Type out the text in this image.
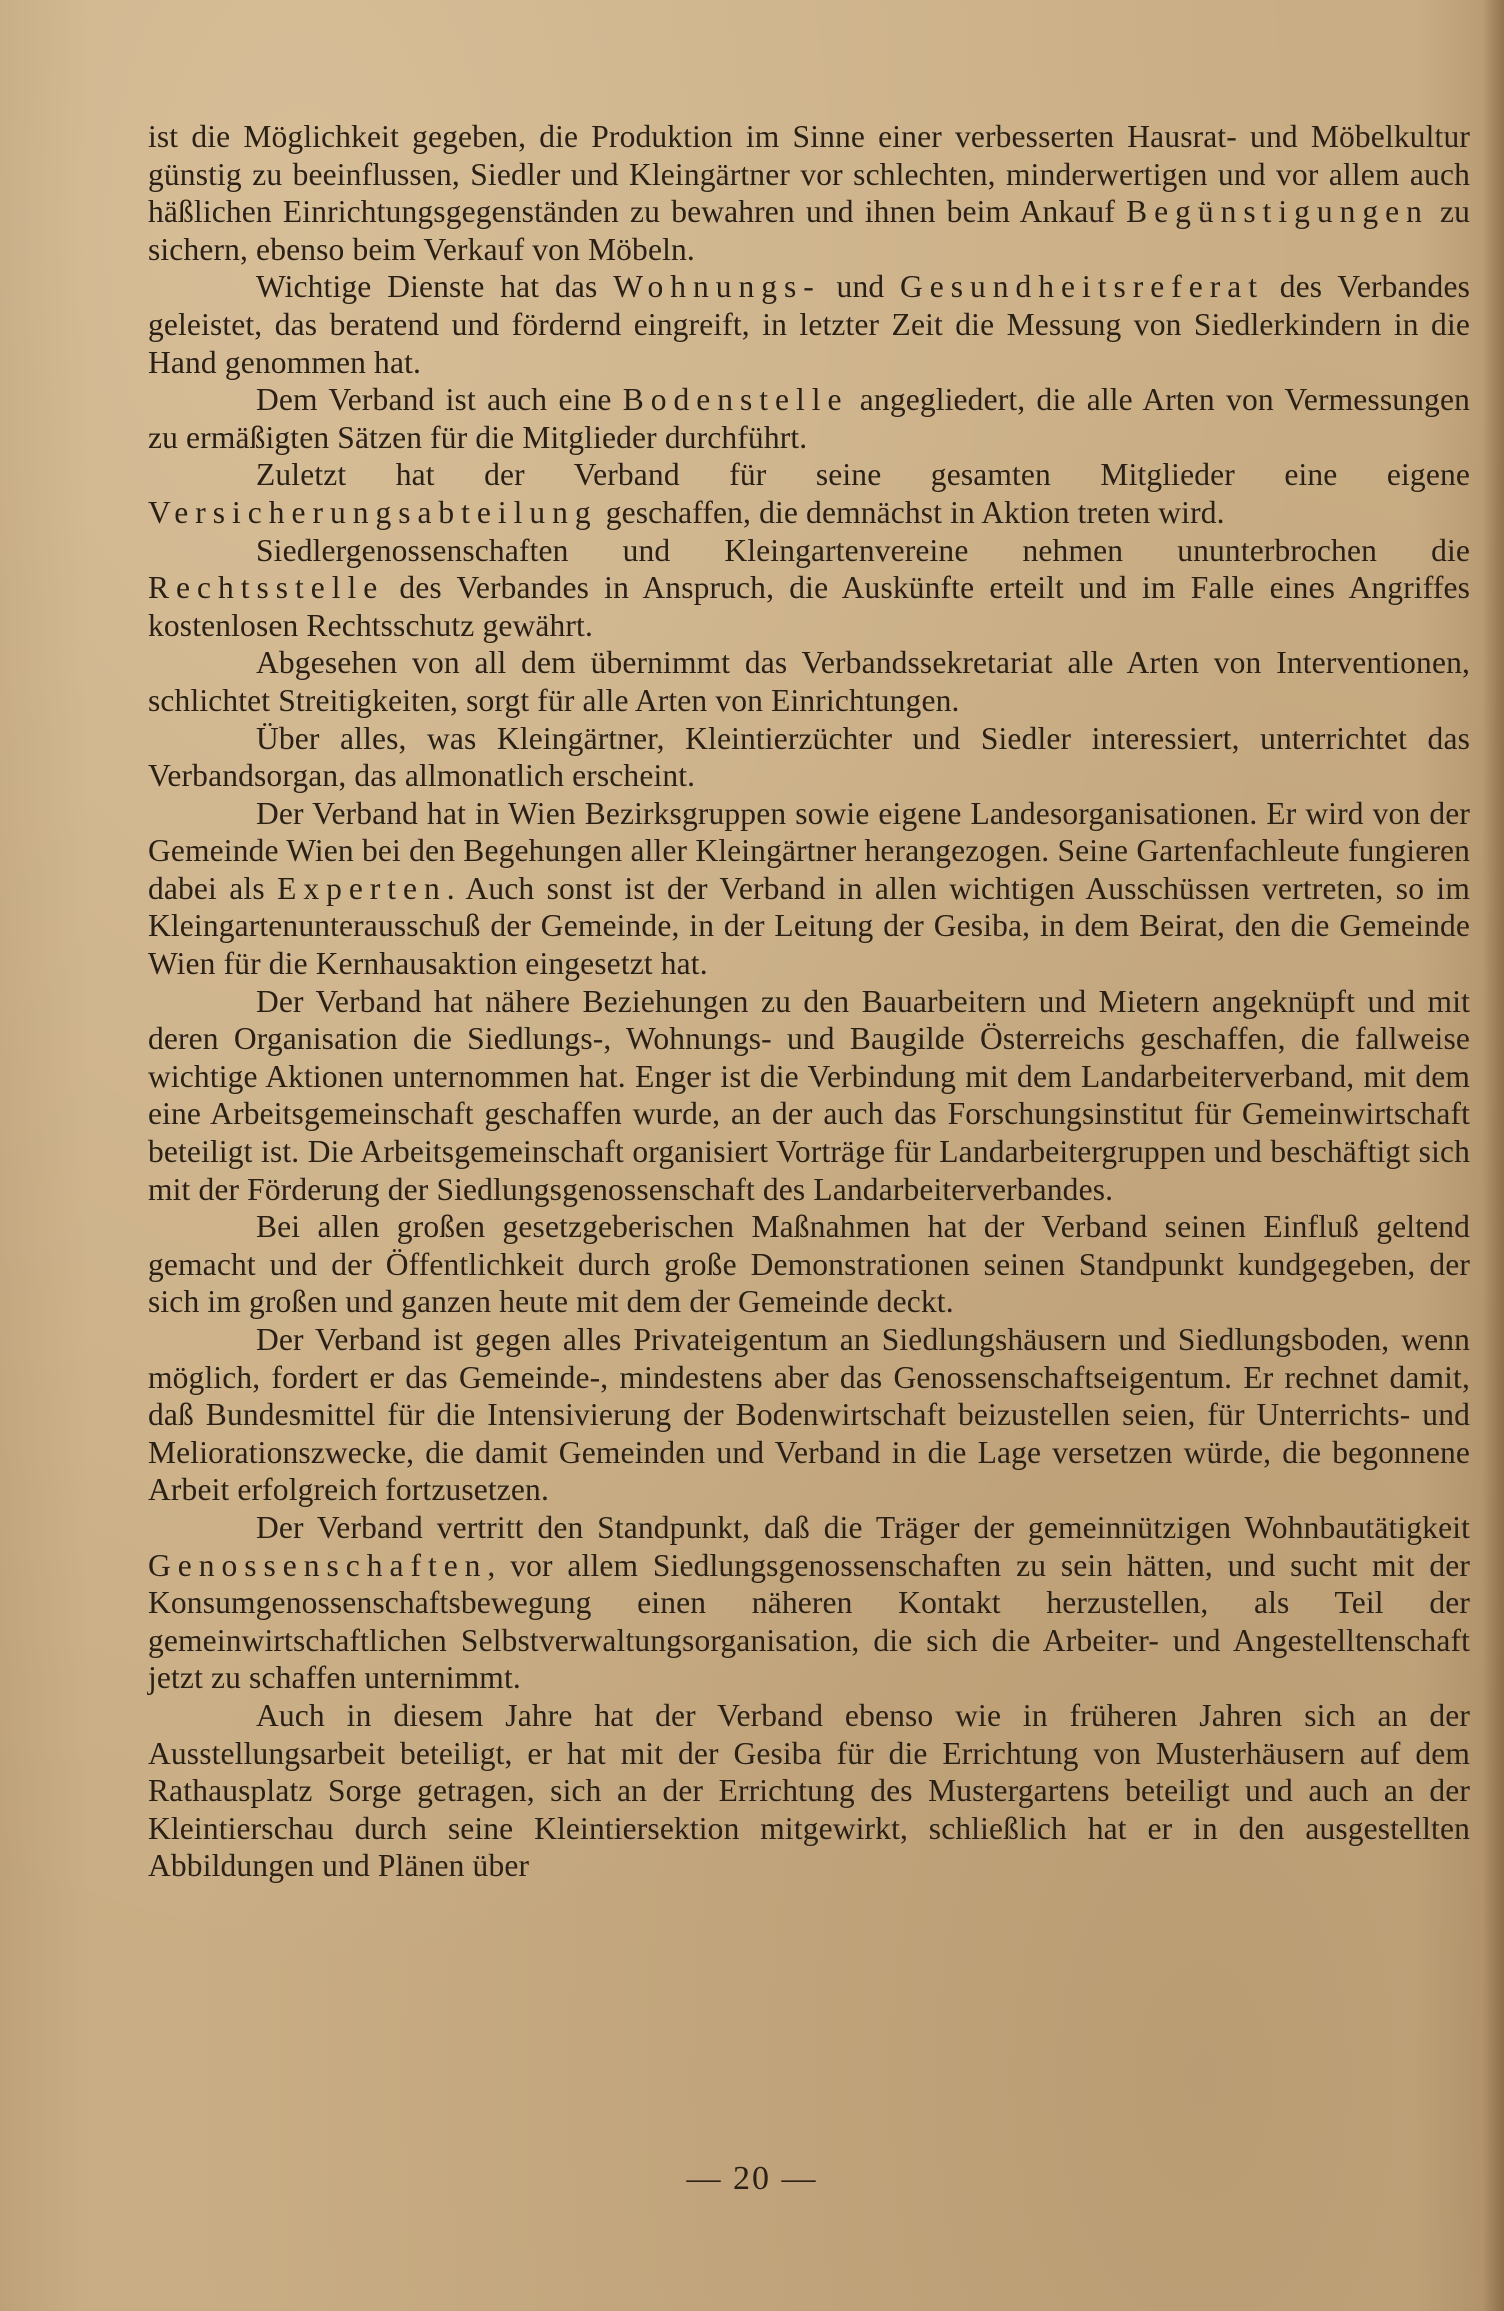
ist die Möglichkeit gegeben, die Produktion im Sinne einer verbesserten Hausrat- und Möbelkultur günstig zu beeinflussen, Siedler und Kleingärtner vor schlechten, minderwertigen und vor allem auch häßlichen Einrichtungsgegenständen zu bewahren und ihnen beim Ankauf Begünstigungen zu sichern, ebenso beim Verkauf von Möbeln.

Wichtige Dienste hat das Wohnungs- und Gesundheitsreferat des Verbandes geleistet, das beratend und fördernd eingreift, in letzter Zeit die Messung von Siedlerkindern in die Hand genommen hat.

Dem Verband ist auch eine Bodenstelle angegliedert, die alle Arten von Vermessungen zu ermäßigten Sätzen für die Mitglieder durchführt.

Zuletzt hat der Verband für seine gesamten Mitglieder eine eigene Versicherungsabteilung geschaffen, die demnächst in Aktion treten wird.

Siedlergenossenschaften und Kleingartenvereine nehmen ununterbrochen die Rechtsstelle des Verbandes in Anspruch, die Auskünfte erteilt und im Falle eines Angriffes kostenlosen Rechtsschutz gewährt.

Abgesehen von all dem übernimmt das Verbandssekretariat alle Arten von Interventionen, schlichtet Streitigkeiten, sorgt für alle Arten von Einrichtungen.

Über alles, was Kleingärtner, Kleintierzüchter und Siedler interessiert, unterrichtet das Verbandsorgan, das allmonatlich erscheint.

Der Verband hat in Wien Bezirksgruppen sowie eigene Landesorganisationen. Er wird von der Gemeinde Wien bei den Begehungen aller Kleingärtner herangezogen. Seine Gartenfachleute fungieren dabei als Experten. Auch sonst ist der Verband in allen wichtigen Ausschüssen vertreten, so im Kleingartenunterausschuß der Gemeinde, in der Leitung der Gesiba, in dem Beirat, den die Gemeinde Wien für die Kernhausaktion eingesetzt hat.

Der Verband hat nähere Beziehungen zu den Bauarbeitern und Mietern angeknüpft und mit deren Organisation die Siedlungs-, Wohnungs- und Baugilde Österreichs geschaffen, die fallweise wichtige Aktionen unternommen hat. Enger ist die Verbindung mit dem Landarbeiterverband, mit dem eine Arbeitsgemeinschaft geschaffen wurde, an der auch das Forschungsinstitut für Gemeinwirtschaft beteiligt ist. Die Arbeitsgemeinschaft organisiert Vorträge für Landarbeitergruppen und beschäftigt sich mit der Förderung der Siedlungsgenossenschaft des Landarbeiterverbandes.

Bei allen großen gesetzgeberischen Maßnahmen hat der Verband seinen Einfluß geltend gemacht und der Öffentlichkeit durch große Demonstrationen seinen Standpunkt kundgegeben, der sich im großen und ganzen heute mit dem der Gemeinde deckt.

Der Verband ist gegen alles Privateigentum an Siedlungshäusern und Siedlungsboden, wenn möglich, fordert er das Gemeinde-, mindestens aber das Genossenschaftseigentum. Er rechnet damit, daß Bundesmittel für die Intensivierung der Bodenwirtschaft beizustellen seien, für Unterrichts- und Meliorationszwecke, die damit Gemeinden und Verband in die Lage versetzen würde, die begonnene Arbeit erfolgreich fortzusetzen.

Der Verband vertritt den Standpunkt, daß die Träger der gemeinnützigen Wohnbautätigkeit Genossenschaften, vor allem Siedlungsgenossenschaften zu sein hätten, und sucht mit der Konsumgenossenschaftsbewegung einen näheren Kontakt herzustellen, als Teil der gemeinwirtschaftlichen Selbstverwaltungsorganisation, die sich die Arbeiter- und Angestelltenschaft jetzt zu schaffen unternimmt.

Auch in diesem Jahre hat der Verband ebenso wie in früheren Jahren sich an der Ausstellungsarbeit beteiligt, er hat mit der Gesiba für die Errichtung von Musterhäusern auf dem Rathausplatz Sorge getragen, sich an der Errichtung des Mustergartens beteiligt und auch an der Kleintierschau durch seine Kleintiersektion mitgewirkt, schließlich hat er in den ausgestellten Abbildungen und Plänen über

— 20 —
